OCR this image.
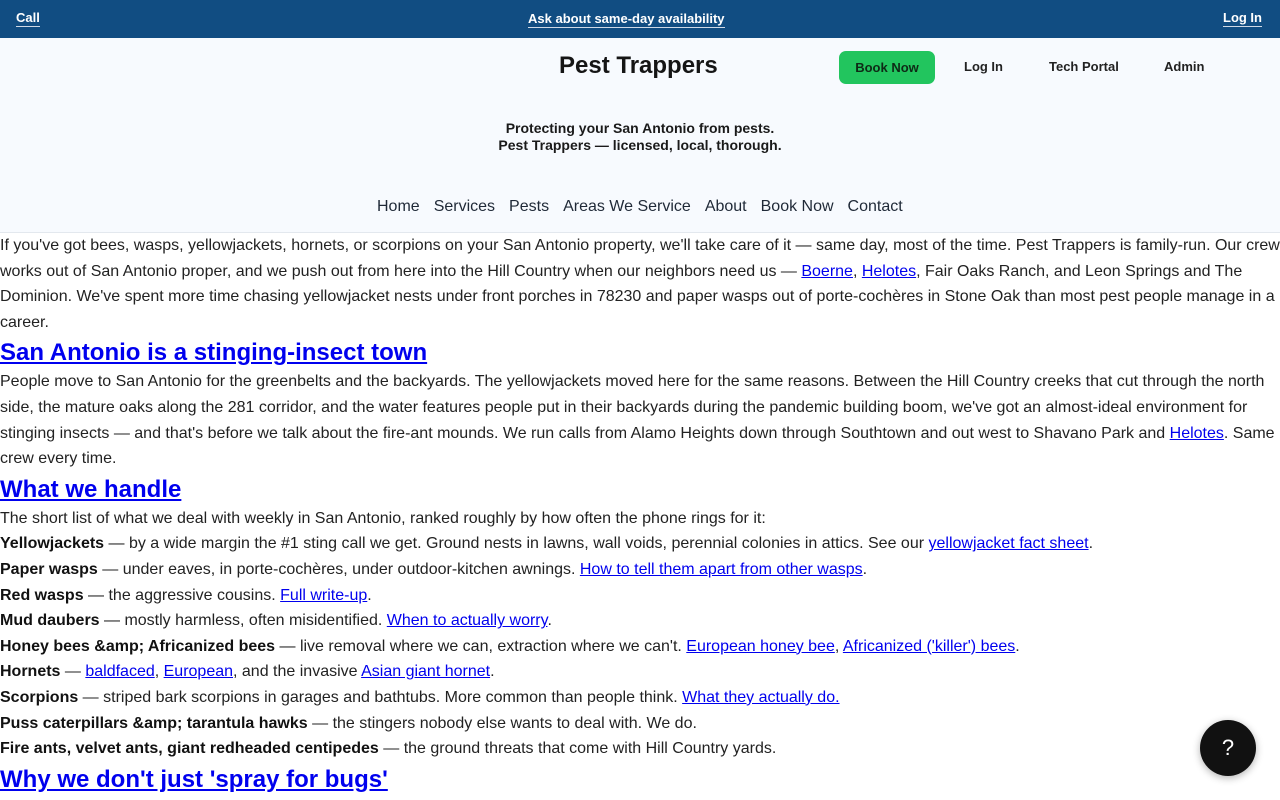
Call	Ask about same-day availability	Log In
Pest Trappers	Book Now	Log In	Tech Portal	Admin
Protecting your San Antonio from pests.
Pest Trappers — licensed, local, thorough.
Home Services Pests Areas We Service About Book Now Contact

If you've got bees, wasps, yellowjackets, hornets, or scorpions on your San Antonio property, we'll take care of it — same day, most of the time. Pest Trappers is family-run. Our crew works out of San Antonio proper, and we push out from here into the Hill Country when our neighbors need us — Boerne, Helotes, Fair Oaks Ranch, and Leon Springs and The Dominion. We've spent more time chasing yellowjacket nests under front porches in 78230 and paper wasps out of porte-cochères in Stone Oak than most pest people manage in a career.

San Antonio is a stinging-insect town

People move to San Antonio for the greenbelts and the backyards. The yellowjackets moved here for the same reasons. Between the Hill Country creeks that cut through the north side, the mature oaks along the 281 corridor, and the water features people put in their backyards during the pandemic building boom, we've got an almost-ideal environment for stinging insects — and that's before we talk about the fire-ant mounds. We run calls from Alamo Heights down through Southtown and out west to Shavano Park and Helotes. Same crew every time.

What we handle

The short list of what we deal with weekly in San Antonio, ranked roughly by how often the phone rings for it:

Yellowjackets — by a wide margin the #1 sting call we get. Ground nests in lawns, wall voids, perennial colonies in attics. See our yellowjacket fact sheet.

Paper wasps — under eaves, in porte-cochères, under outdoor-kitchen awnings. How to tell them apart from other wasps.

Red wasps — the aggressive cousins. Full write-up.

Mud daubers — mostly harmless, often misidentified. When to actually worry.

Honey bees &amp; Africanized bees — live removal where we can, extraction where we can't. European honey bee, Africanized ('killer') bees.

Hornets — baldfaced, European, and the invasive Asian giant hornet.

Scorpions — striped bark scorpions in garages and bathtubs. More common than people think. What they actually do.

Puss caterpillars &amp; tarantula hawks — the stingers nobody else wants to deal with. We do.

Fire ants, velvet ants, giant redheaded centipedes — the ground threats that come with Hill Country yards.

Why we don't just 'spray for bugs'
?
